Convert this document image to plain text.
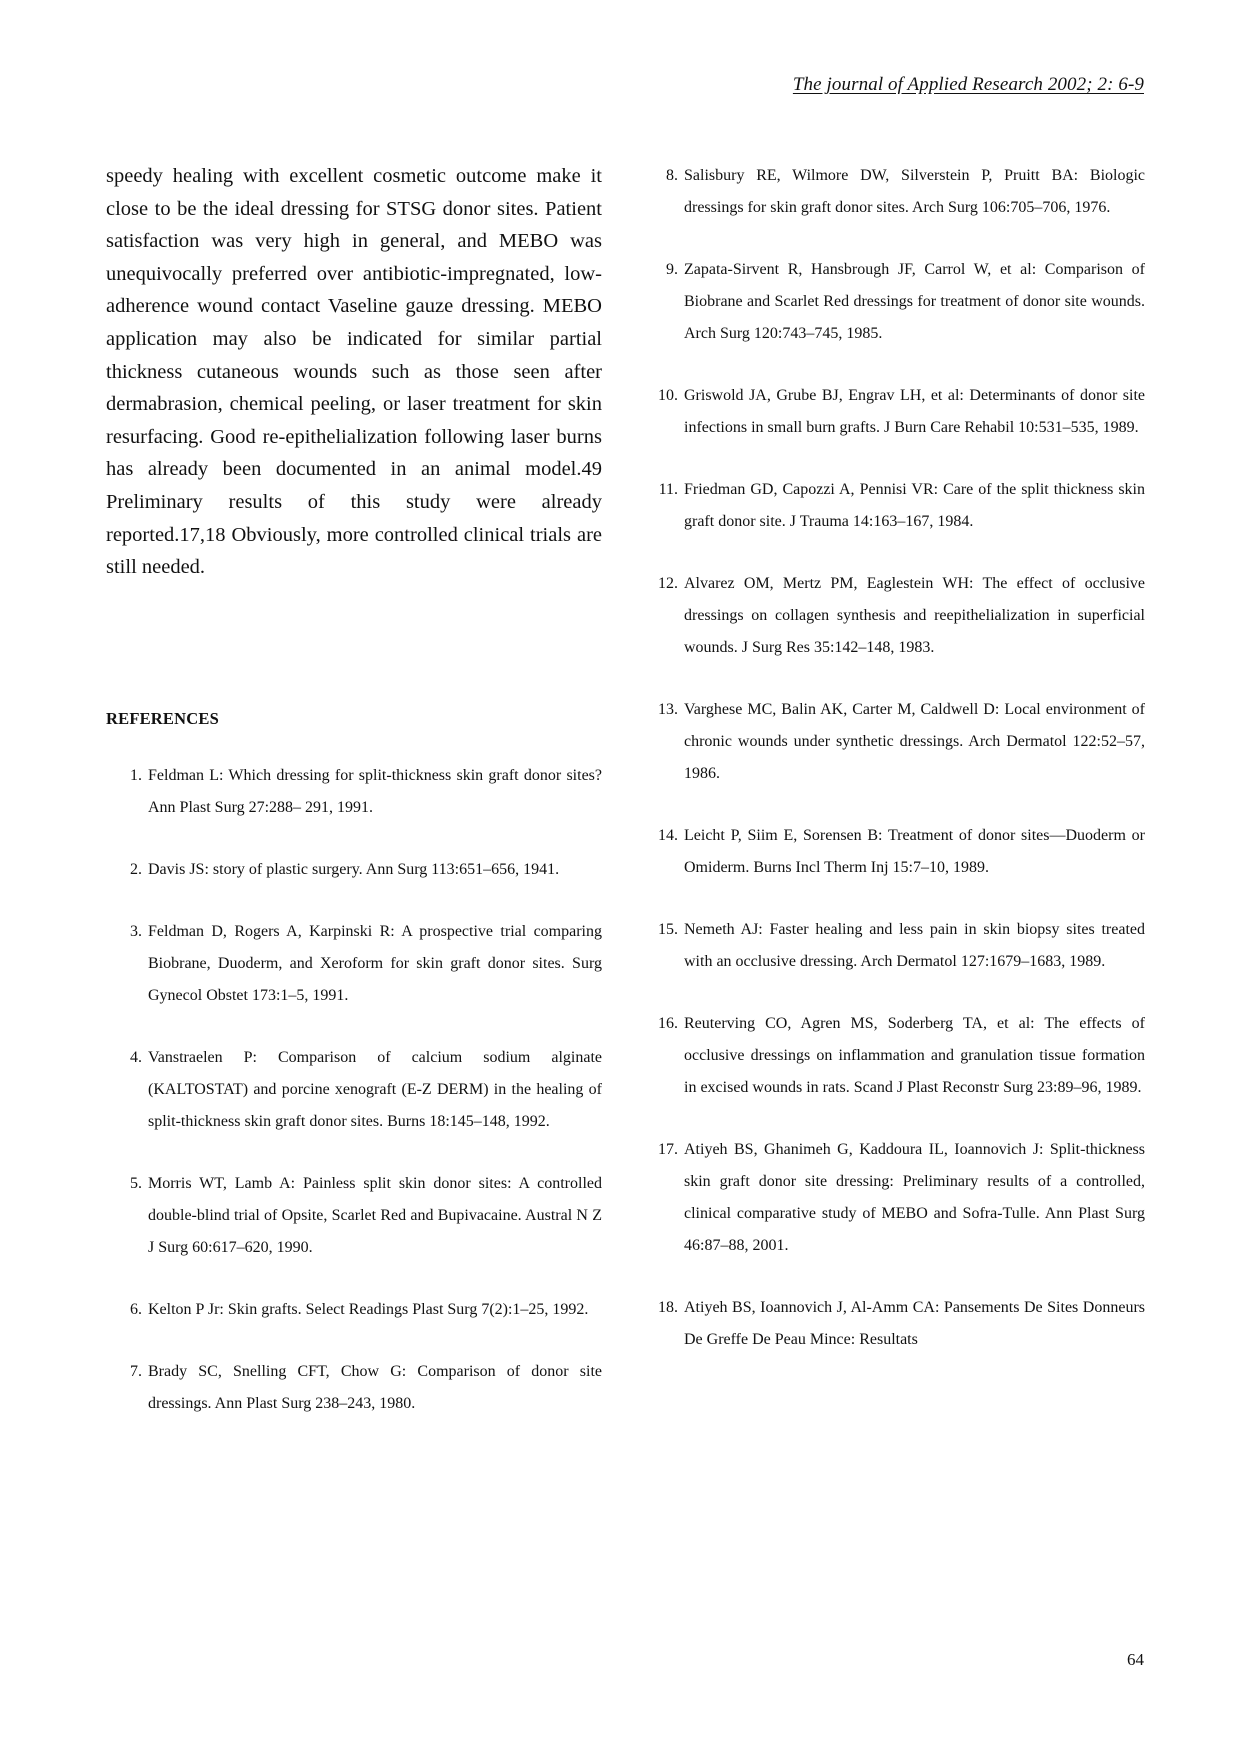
The journal of Applied Research 2002; 2: 6-9

speedy healing with excellent cosmetic outcome make it close to be the ideal dressing for STSG donor sites. Patient satisfaction was very high in general, and MEBO was unequivocally preferred over antibiotic-impregnated, low-adherence wound contact Vaseline gauze dressing. MEBO application may also be indicated for similar partial thickness cutaneous wounds such as those seen after dermabrasion, chemical peeling, or laser treatment for skin resurfacing. Good re-epithelialization following laser burns has already been documented in an animal model.49 Preliminary results of this study were already reported.17,18 Obviously, more controlled clinical trials are still needed.

REFERENCES
1. Feldman L: Which dressing for split-thickness skin graft donor sites? Ann Plast Surg 27:288– 291, 1991.
2. Davis JS: story of plastic surgery. Ann Surg 113:651–656, 1941.
3. Feldman D, Rogers A, Karpinski R: A prospective trial comparing Biobrane, Duoderm, and Xeroform for skin graft donor sites. Surg Gynecol Obstet 173:1–5, 1991.
4. Vanstraelen P: Comparison of calcium sodium alginate (KALTOSTAT) and porcine xenograft (E-Z DERM) in the healing of split-thickness skin graft donor sites. Burns 18:145–148, 1992.
5. Morris WT, Lamb A: Painless split skin donor sites: A controlled double-blind trial of Opsite, Scarlet Red and Bupivacaine. Austral N Z J Surg 60:617–620, 1990.
6. Kelton P Jr: Skin grafts. Select Readings Plast Surg 7(2):1–25, 1992.
7. Brady SC, Snelling CFT, Chow G: Comparison of donor site dressings. Ann Plast Surg 238–243, 1980.
8. Salisbury RE, Wilmore DW, Silverstein P, Pruitt BA: Biologic dressings for skin graft donor sites. Arch Surg 106:705–706, 1976.
9. Zapata-Sirvent R, Hansbrough JF, Carrol W, et al: Comparison of Biobrane and Scarlet Red dressings for treatment of donor site wounds. Arch Surg 120:743–745, 1985.
10. Griswold JA, Grube BJ, Engrav LH, et al: Determinants of donor site infections in small burn grafts. J Burn Care Rehabil 10:531–535, 1989.
11. Friedman GD, Capozzi A, Pennisi VR: Care of the split thickness skin graft donor site. J Trauma 14:163–167, 1984.
12. Alvarez OM, Mertz PM, Eaglestein WH: The effect of occlusive dressings on collagen synthesis and reepithelialization in superficial wounds. J Surg Res 35:142–148, 1983.
13. Varghese MC, Balin AK, Carter M, Caldwell D: Local environment of chronic wounds under synthetic dressings. Arch Dermatol 122:52–57, 1986.
14. Leicht P, Siim E, Sorensen B: Treatment of donor sites—Duoderm or Omiderm. Burns Incl Therm Inj 15:7–10, 1989.
15. Nemeth AJ: Faster healing and less pain in skin biopsy sites treated with an occlusive dressing. Arch Dermatol 127:1679–1683, 1989.
16. Reuterving CO, Agren MS, Soderberg TA, et al: The effects of occlusive dressings on inflammation and granulation tissue formation in excised wounds in rats. Scand J Plast Reconstr Surg 23:89–96, 1989.
17. Atiyeh BS, Ghanimeh G, Kaddoura IL, Ioannovich J: Split-thickness skin graft donor site dressing: Preliminary results of a controlled, clinical comparative study of MEBO and Sofra-Tulle. Ann Plast Surg 46:87–88, 2001.
18. Atiyeh BS, Ioannovich J, Al-Amm CA: Pansements De Sites Donneurs De Greffe De Peau Mince: Resultats
64
